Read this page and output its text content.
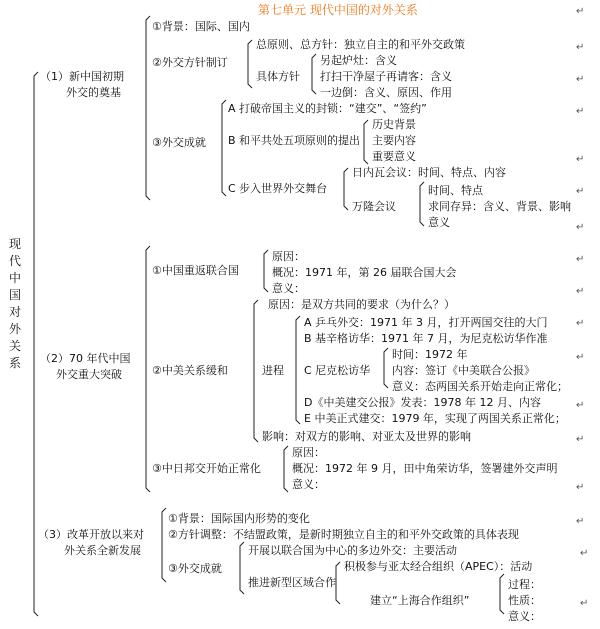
第七单元 现代中国的对外关系
现代中国对外关系
（1）新中国初期
外交的奠基
①背景：国际、国内
②外交方针制订
总原则、总方针：独立自主的和平外交政策
具体方针
另起炉灶：含义
打扫干净屋子再请客：含义
一边倒：含义、原因、作用
③外交成就
A 打破帝国主义的封锁：“建交”、“签约”
B 和平共处五项原则的提出
历史背景
主要内容
重要意义
C 步入世界外交舞台
日内瓦会议：时间、特点、内容
万隆会议
时间、特点
求同存异：含义、背景、影响
意义
（2）70 年代中国
外交重大突破
①中国重返联合国
原因：
概况：1971 年，第 26 届联合国大会
意义：
②中美关系缓和
原因：是双方共同的要求（为什么？）
进程
A 乒乓外交：1971 年 3 月，打开两国交往的大门
B 基辛格访华：1971 年 7 月，为尼克松访华作准
C 尼克松访华
时间：1972 年
内容：签订《中美联合公报》
意义：态两国关系开始走向正常化；
D《中美建交公报》发表：1978 年 12 月、内容
E 中美正式建交：1979 年，实现了两国关系正常化；
影响：对双方的影响、对亚太及世界的影响
③中日邦交开始正常化
原因：
概况：1972 年 9 月，田中角荣访华，签署建外交声明
意义：
（3）改革开放以来对
外关系全新发展
①背景：国际国内形势的变化
②方针调整：不结盟政策，是新时期独立自主的和平外交政策的具体表现
③外交成就
开展以联合国为中心的多边外交：主要活动
推进新型区域合作
积极参与亚太经合组织（APEC）：活动
建立“上海合作组织”
过程：
性质：
意义：
↵
↵
↵
↵
↵
↵
↵
↵
↵
↵
↵
↵
↵
↵
↵
↵
↵
